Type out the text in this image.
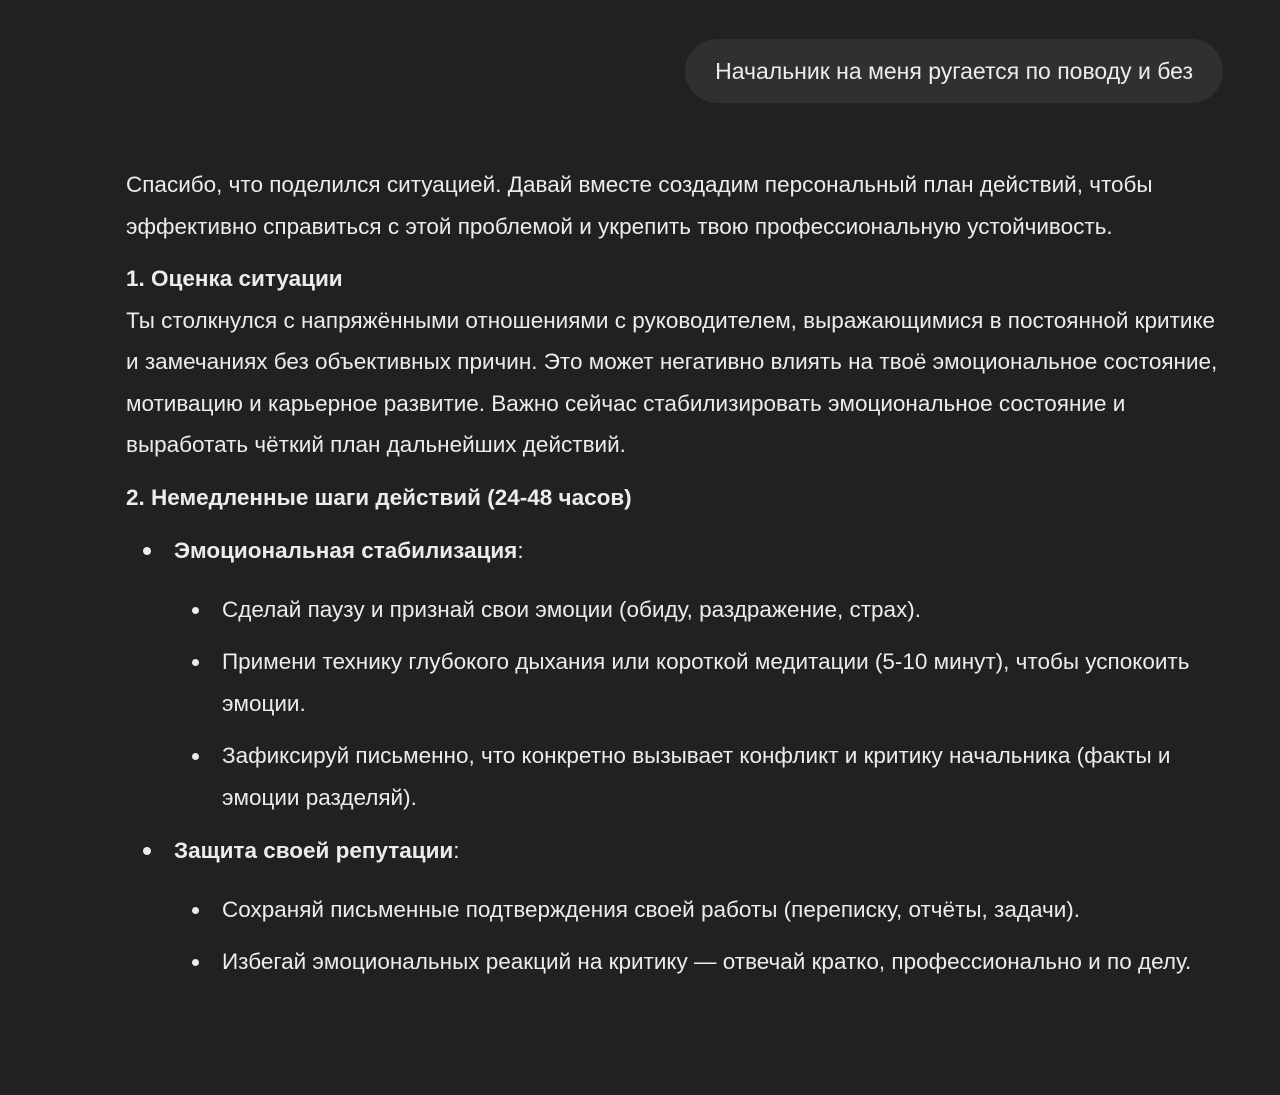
Начальник на меня ругается по поводу и без

Спасибо, что поделился ситуацией. Давай вместе создадим персональный план действий, чтобы эффективно справиться с этой проблемой и укрепить твою профессиональную устойчивость.

1. Оценка ситуации

Ты столкнулся с напряжёнными отношениями с руководителем, выражающимися в постоянной критике и замечаниях без объективных причин. Это может негативно влиять на твоё эмоциональное состояние, мотивацию и карьерное развитие. Важно сейчас стабилизировать эмоциональное состояние и выработать чёткий план дальнейших действий.

2. Немедленные шаги действий (24-48 часов)

Эмоциональная стабилизация:
Сделай паузу и признай свои эмоции (обиду, раздражение, страх).
Примени технику глубокого дыхания или короткой медитации (5-10 минут), чтобы успокоить эмоции.
Зафиксируй письменно, что конкретно вызывает конфликт и критику начальника (факты и эмоции разделяй).
Защита своей репутации:
Сохраняй письменные подтверждения своей работы (переписку, отчёты, задачи).
Избегай эмоциональных реакций на критику — отвечай кратко, профессионально и по делу.
